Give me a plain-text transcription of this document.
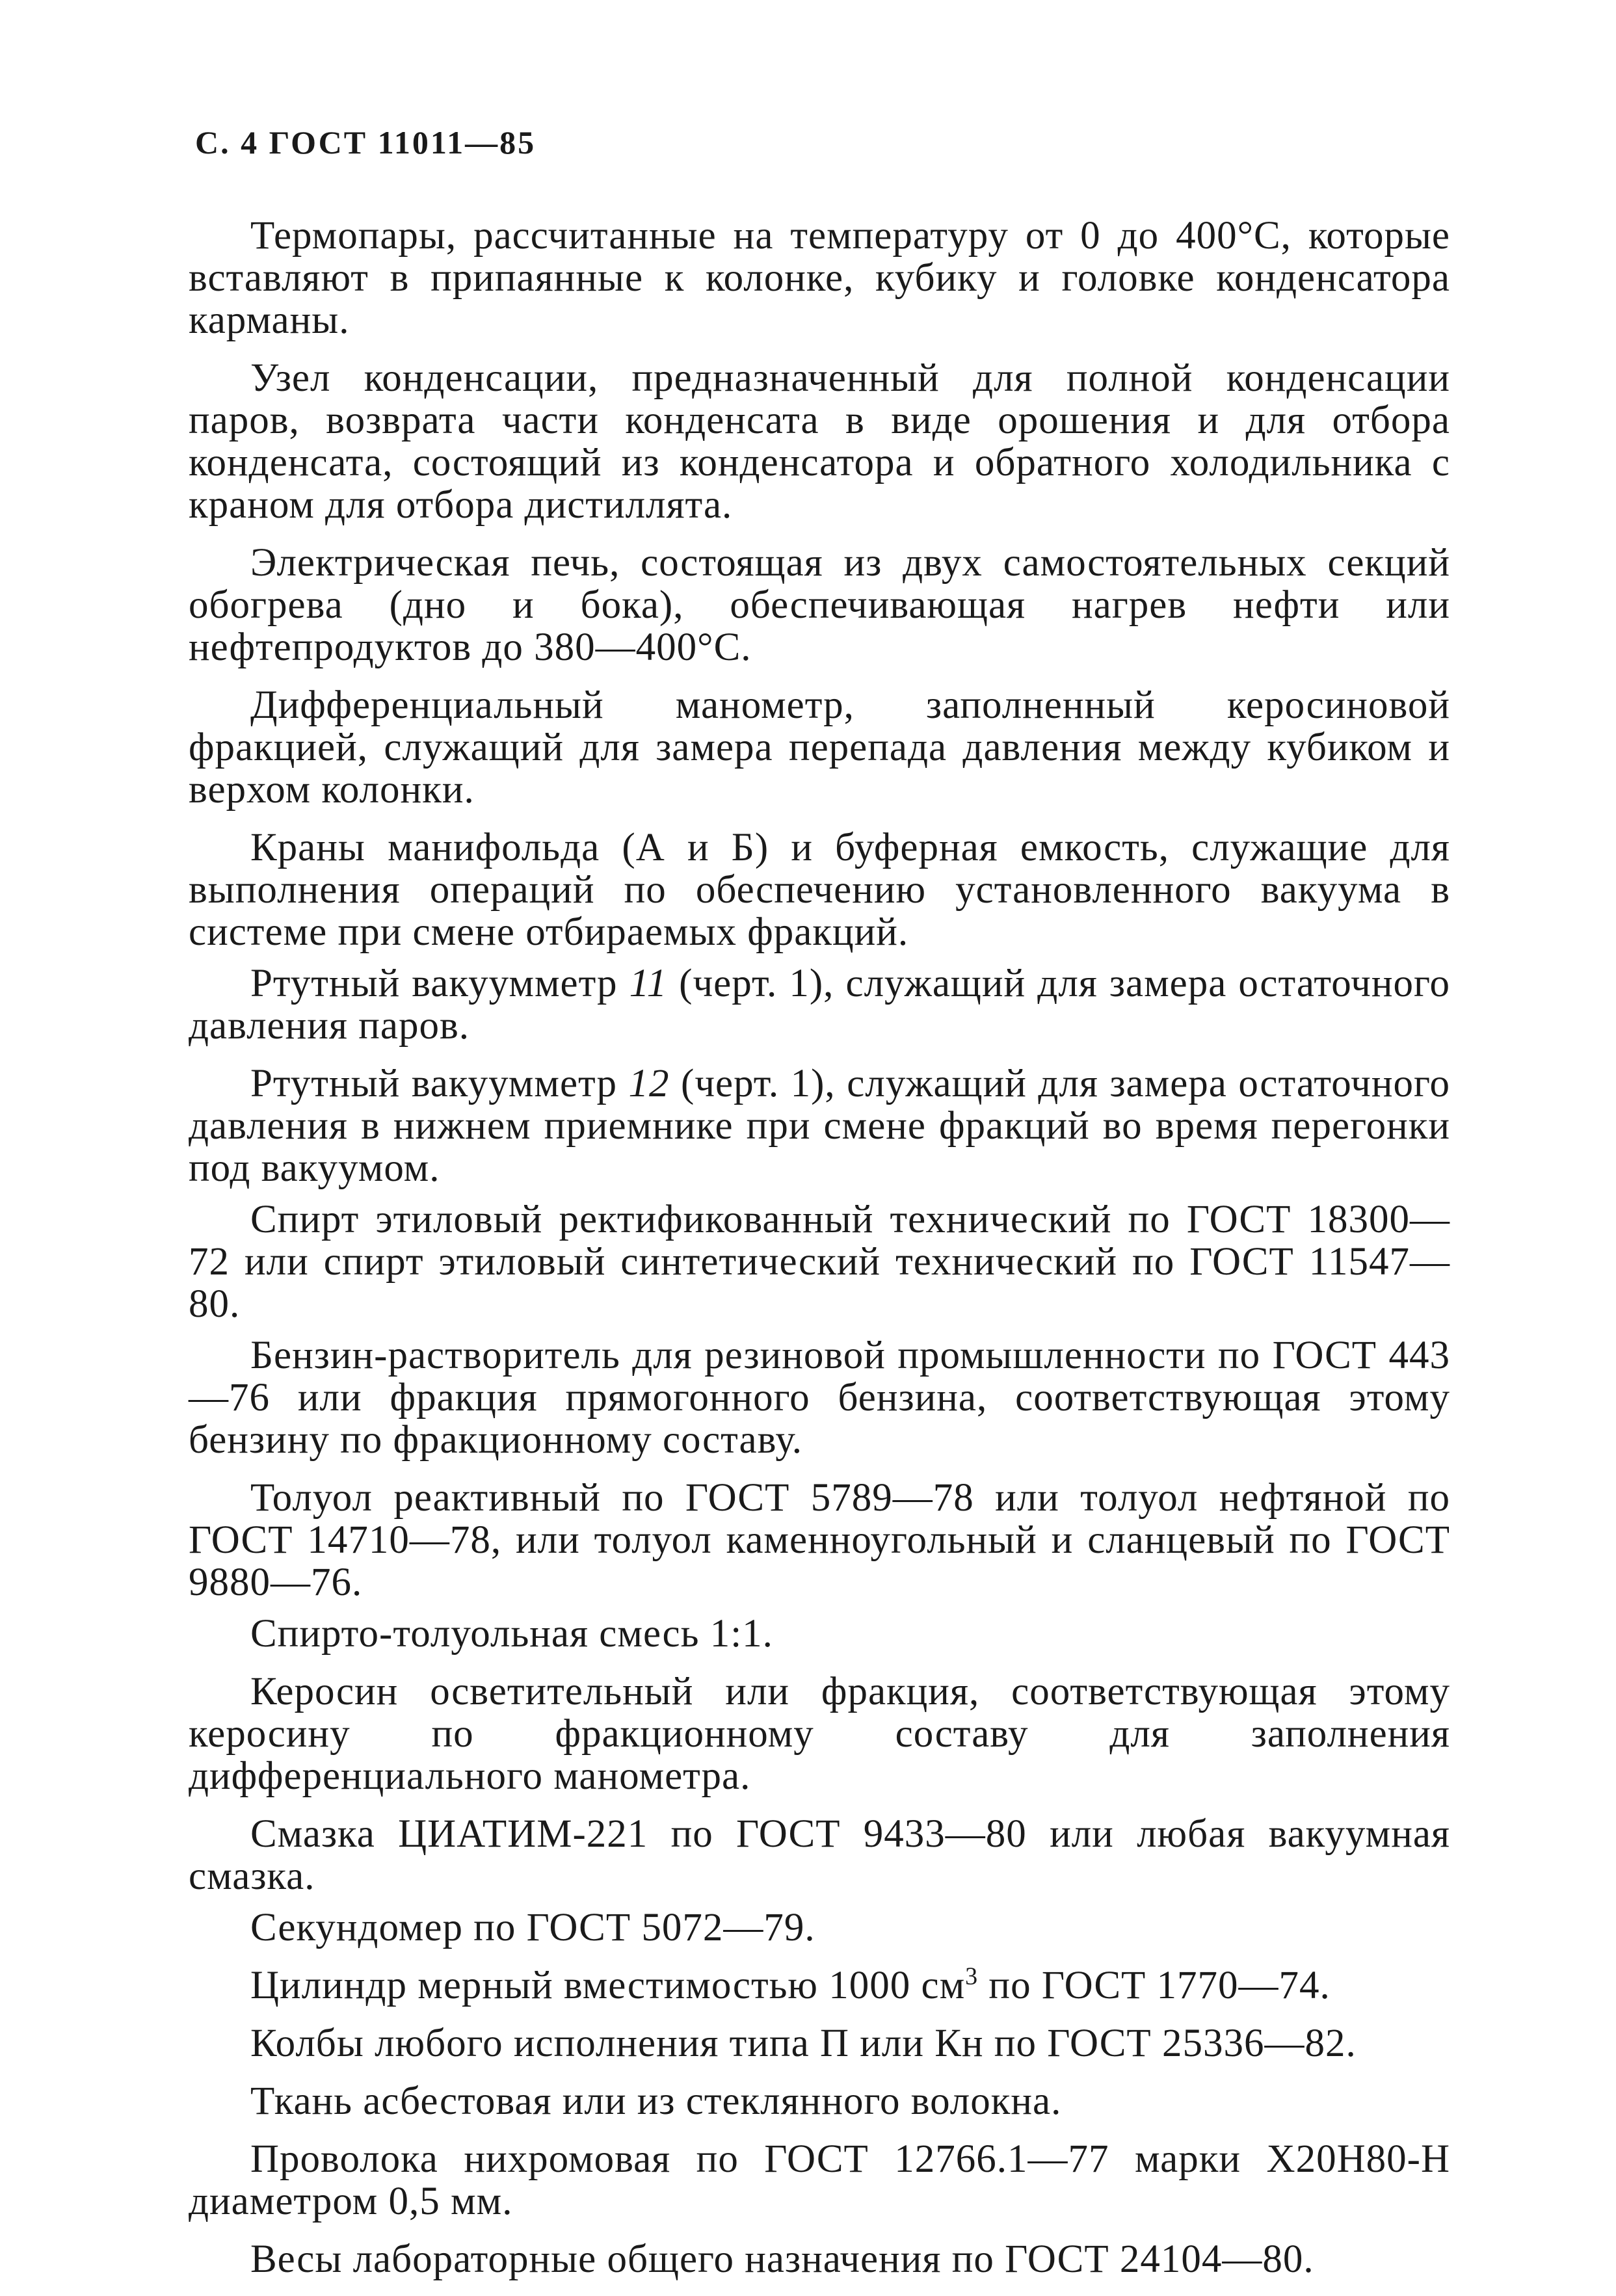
С. 4 ГОСТ 11011—85

Термопары, рассчитанные на температуру от 0 до 400°С, которые вставляют в припаянные к колонке, кубику и головке конденсатора карманы.

Узел конденсации, предназначенный для полной конденсации паров, возврата части конденсата в виде орошения и для отбора конденсата, состоящий из конденсатора и обратного холодильника с краном для отбора дистиллята.

Электрическая печь, состоящая из двух самостоятельных секций обогрева (дно и бока), обеспечивающая нагрев нефти или нефтепродуктов до 380—400°С.

Дифференциальный манометр, заполненный керосиновой фракцией, служащий для замера перепада давления между кубиком и верхом колонки.

Краны манифольда (А и Б) и буферная емкость, служащие для выполнения операций по обеспечению установленного вакуума в системе при смене отбираемых фракций.

Ртутный вакуумметр 11 (черт. 1), служащий для замера остаточного давления паров.

Ртутный вакуумметр 12 (черт. 1), служащий для замера остаточного давления в нижнем приемнике при смене фракций во время перегонки под вакуумом.

Спирт этиловый ректификованный технический по ГОСТ 18300—72 или спирт этиловый синтетический технический по ГОСТ 11547—80.

Бензин-растворитель для резиновой промышленности по ГОСТ 443—76 или фракция прямогонного бензина, соответствующая этому бензину по фракционному составу.

Толуол реактивный по ГОСТ 5789—78 или толуол нефтяной по ГОСТ 14710—78, или толуол каменноугольный и сланцевый по ГОСТ 9880—76.

Спирто-толуольная смесь 1:1.

Керосин осветительный или фракция, соответствующая этому керосину по фракционному составу для заполнения дифференциального манометра.

Смазка ЦИАТИМ-221 по ГОСТ 9433—80 или любая вакуумная смазка.

Секундомер по ГОСТ 5072—79.

Цилиндр мерный вместимостью 1000 $см^3$ по ГОСТ 1770—74.

Колбы любого исполнения типа П или Кн по ГОСТ 25336—82.

Ткань асбестовая или из стеклянного волокна.

Проволока нихромовая по ГОСТ 12766.1—77 марки Х20Н80-Н диаметром 0,5 мм.

Весы лабораторные общего назначения по ГОСТ 24104—80.
